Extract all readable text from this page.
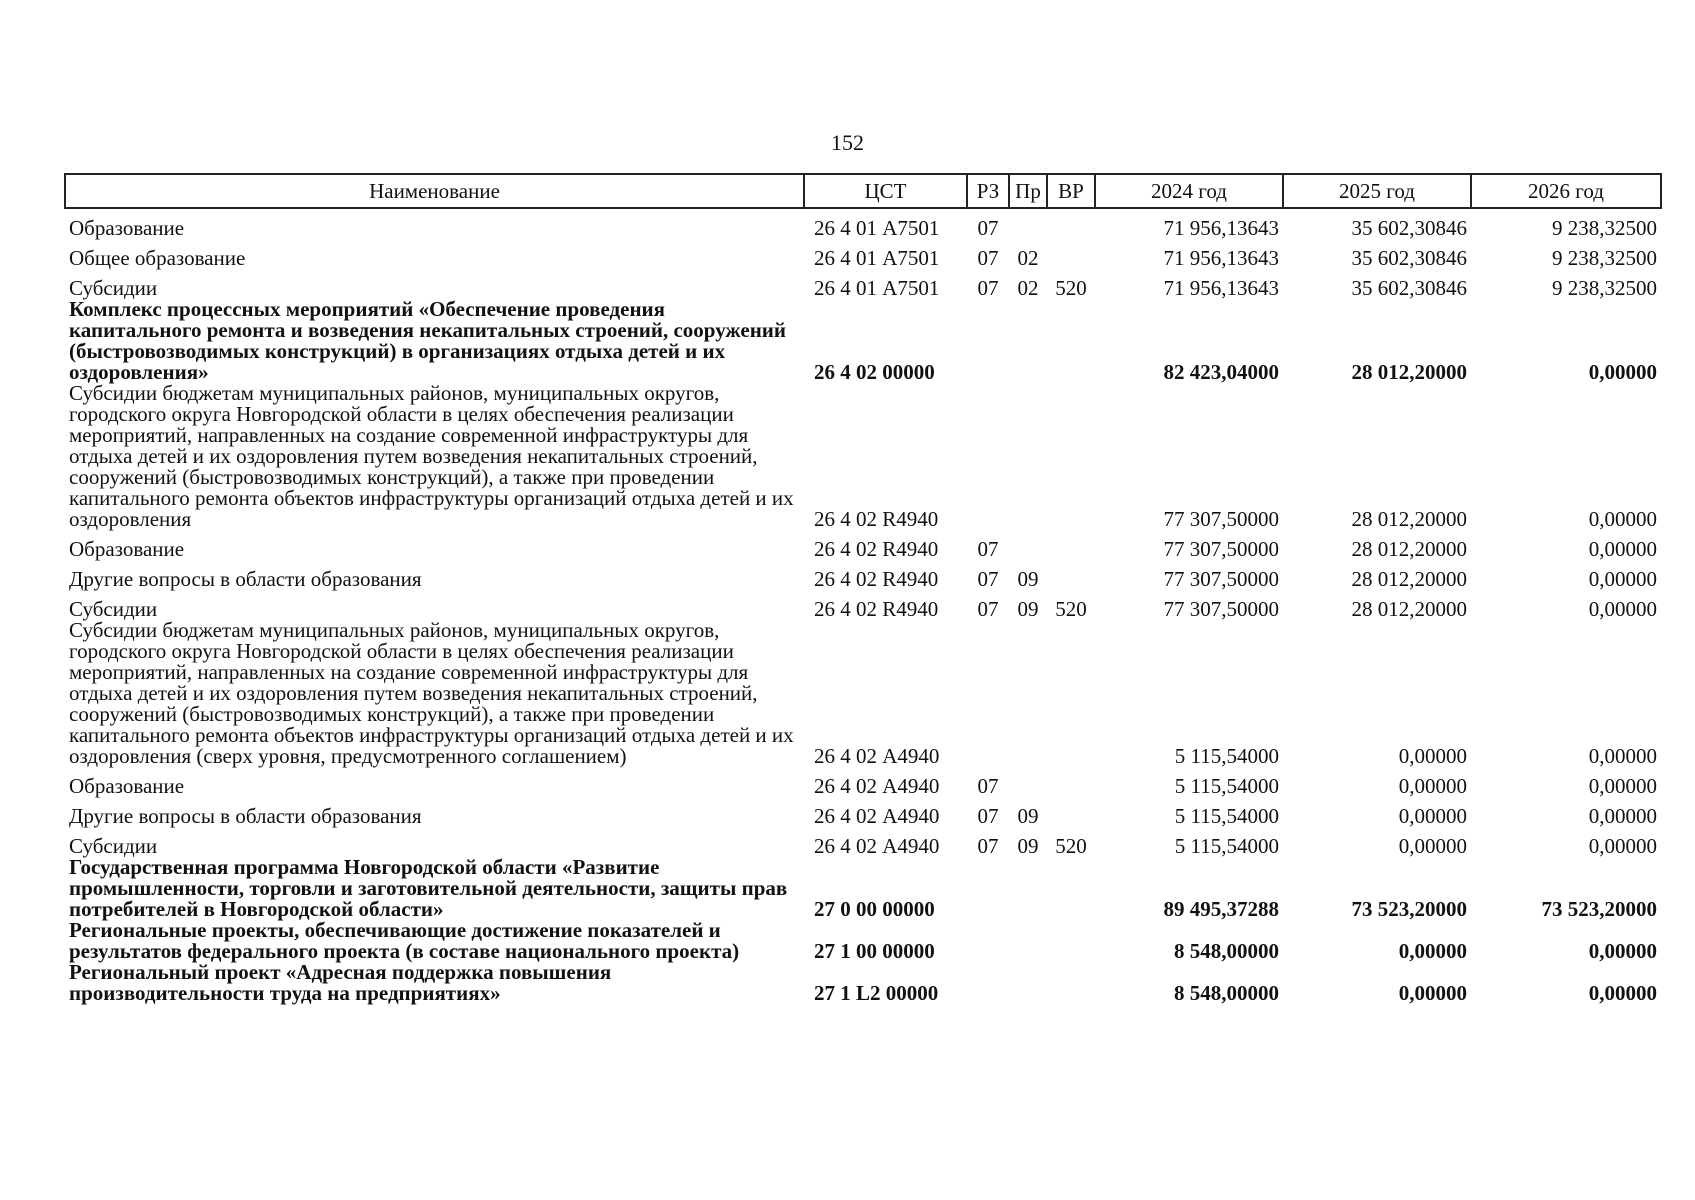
152
Наименование	ЦСТ	РЗ	Пр	ВР	2024 год	2025 год	2026 год
Образование	26 4 01 А7501	07			71 956,13643	35 602,30846	9 238,32500
Общее образование	26 4 01 А7501	07	02		71 956,13643	35 602,30846	9 238,32500
Субсидии	26 4 01 А7501	07	02	520	71 956,13643	35 602,30846	9 238,32500
Комплекс процессных мероприятий «Обеспечение проведения капитального ремонта и возведения некапитальных строений, сооружений (быстровозводимых конструкций) в организациях отдыха детей и их оздоровления»	26 4 02 00000				82 423,04000	28 012,20000	0,00000
Субсидии бюджетам муниципальных районов, муниципальных округов, городского округа Новгородской области в целях обеспечения реализации мероприятий, направленных на создание современной инфраструктуры для отдыха детей и их оздоровления путем возведения некапитальных строений, сооружений (быстровозводимых конструкций), а также при проведении капитального ремонта объектов инфраструктуры организаций отдыха детей и их оздоровления	26 4 02 R4940				77 307,50000	28 012,20000	0,00000
Образование	26 4 02 R4940	07			77 307,50000	28 012,20000	0,00000
Другие вопросы в области образования	26 4 02 R4940	07	09		77 307,50000	28 012,20000	0,00000
Субсидии	26 4 02 R4940	07	09	520	77 307,50000	28 012,20000	0,00000
Субсидии бюджетам муниципальных районов, муниципальных округов, городского округа Новгородской области в целях обеспечения реализации мероприятий, направленных на создание современной инфраструктуры для отдыха детей и их оздоровления путем возведения некапитальных строений, сооружений (быстровозводимых конструкций), а также при проведении капитального ремонта объектов инфраструктуры организаций отдыха детей и их оздоровления (сверх уровня, предусмотренного соглашением)	26 4 02 А4940				5 115,54000	0,00000	0,00000
Образование	26 4 02 А4940	07			5 115,54000	0,00000	0,00000
Другие вопросы в области образования	26 4 02 А4940	07	09		5 115,54000	0,00000	0,00000
Субсидии	26 4 02 А4940	07	09	520	5 115,54000	0,00000	0,00000
Государственная программа Новгородской области «Развитие промышленности, торговли и заготовительной деятельности, защиты прав потребителей в Новгородской области»	27 0 00 00000				89 495,37288	73 523,20000	73 523,20000
Региональные проекты, обеспечивающие достижение показателей и результатов федерального проекта (в составе национального проекта)	27 1 00 00000				8 548,00000	0,00000	0,00000
Региональный проект «Адресная поддержка повышения производительности труда на предприятиях»	27 1 L2 00000				8 548,00000	0,00000	0,00000
